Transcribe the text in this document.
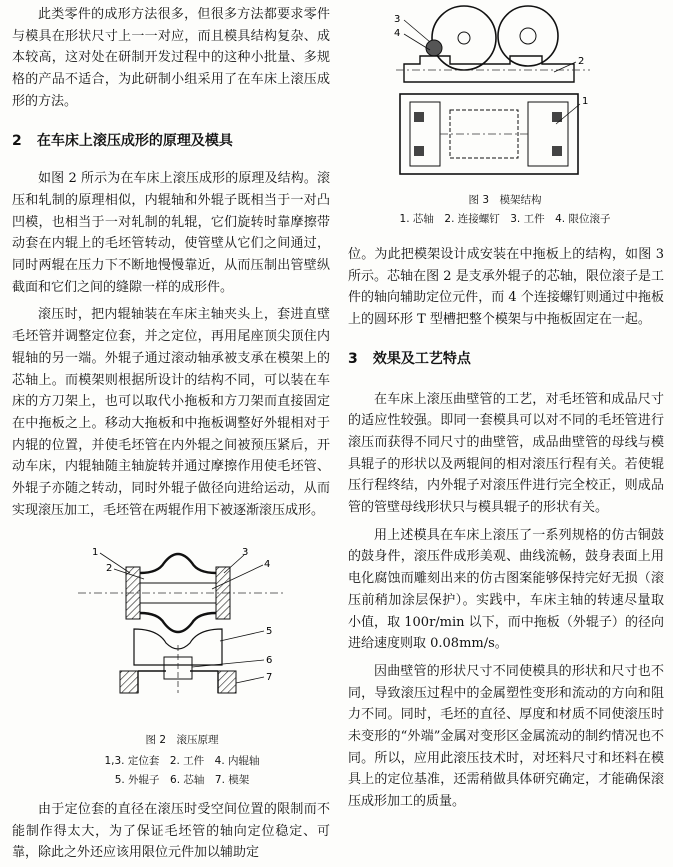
此类零件的成形方法很多，但很多方法都要求零件与模具在形状尺寸上一一对应，而且模具结构复杂、成本较高，这对处在研制开发过程中的这种小批量、多规格的产品不适合，为此研制小组采用了在车床上滚压成形的方法。

2 在车床上滚压成形的原理及模具

如图 2 所示为在车床上滚压成形的原理及结构。滚压和轧制的原理相似，内辊轴和外辊子既相当于一对凸凹模，也相当于一对轧制的轧辊，它们旋转时靠摩擦带动套在内辊上的毛坯管转动，使管壁从它们之间通过，同时两辊在压力下不断地慢慢靠近，从而压制出管壁纵截面和它们之间的缝隙一样的成形件。

滚压时，把内辊轴装在车床主轴夹头上，套进直壁毛坯管并调整定位套，并之定位，再用尾座顶尖顶住内辊轴的另一端。外辊子通过滚动轴承被支承在模架上的芯轴上。而模架则根据所设计的结构不同，可以装在车床的方刀架上，也可以取代小拖板和方刀架而直接固定在中拖板之上。移动大拖板和中拖板调整好外辊相对于内辊的位置，并使毛坯管在内外辊之间被预压紧后，开动车床，内辊轴随主轴旋转并通过摩擦作用使毛坯管、外辊子亦随之转动，同时外辊子做径向进给运动，从而实现滚压加工，毛坯管在两辊作用下被逐渐滚压成形。

1
2
3
4
5
6
7
图 2　滚压原理
1,3. 定位套　2. 工件　4. 内辊轴
5. 外辊子　6. 芯轴　7. 模架

由于定位套的直径在滚压时受空间位置的限制而不能制作得太大，为了保证毛坯管的轴向定位稳定、可靠，除此之外还应该用限位元件加以辅助定

3
4
2
1
图 3　模架结构
1. 芯轴　2. 连接螺钉　3. 工件　4. 限位滚子

位。为此把模架设计成安装在中拖板上的结构，如图 3 所示。芯轴在图 2 是支承外辊子的芯轴，限位滚子是工件的轴向辅助定位元件，而 4 个连接螺钉则通过中拖板上的圆环形 T 型槽把整个模架与中拖板固定在一起。

3 效果及工艺特点

在车床上滚压曲壁管的工艺，对毛坯管和成品尺寸的适应性较强。即同一套模具可以对不同的毛坯管进行滚压而获得不同尺寸的曲壁管，成品曲壁管的母线与模具辊子的形状以及两辊间的相对滚压行程有关。若使辊压行程终结，内外辊子对滚压件进行完全校正，则成品管的管壁母线形状只与模具辊子的形状有关。

用上述模具在车床上滚压了一系列规格的仿古铜鼓的鼓身件，滚压件成形美观、曲线流畅，鼓身表面上用电化腐蚀而雕刻出来的仿古图案能够保持完好无损（滚压前稍加涂层保护）。实践中，车床主轴的转速尽量取小值，取 100r/min 以下，而中拖板（外辊子）的径向进给速度则取 0.08mm/s。

因曲壁管的形状尺寸不同使模具的形状和尺寸也不同，导致滚压过程中的金属塑性变形和流动的方向和阻力不同。同时，毛坯的直径、厚度和材质不同使滚压时未变形的“外端”金属对变形区金属流动的制约情况也不同。所以，应用此滚压技术时，对坯料尺寸和坯料在模具上的定位基准，还需稍做具体研究确定，才能确保滚压成形加工的质量。
